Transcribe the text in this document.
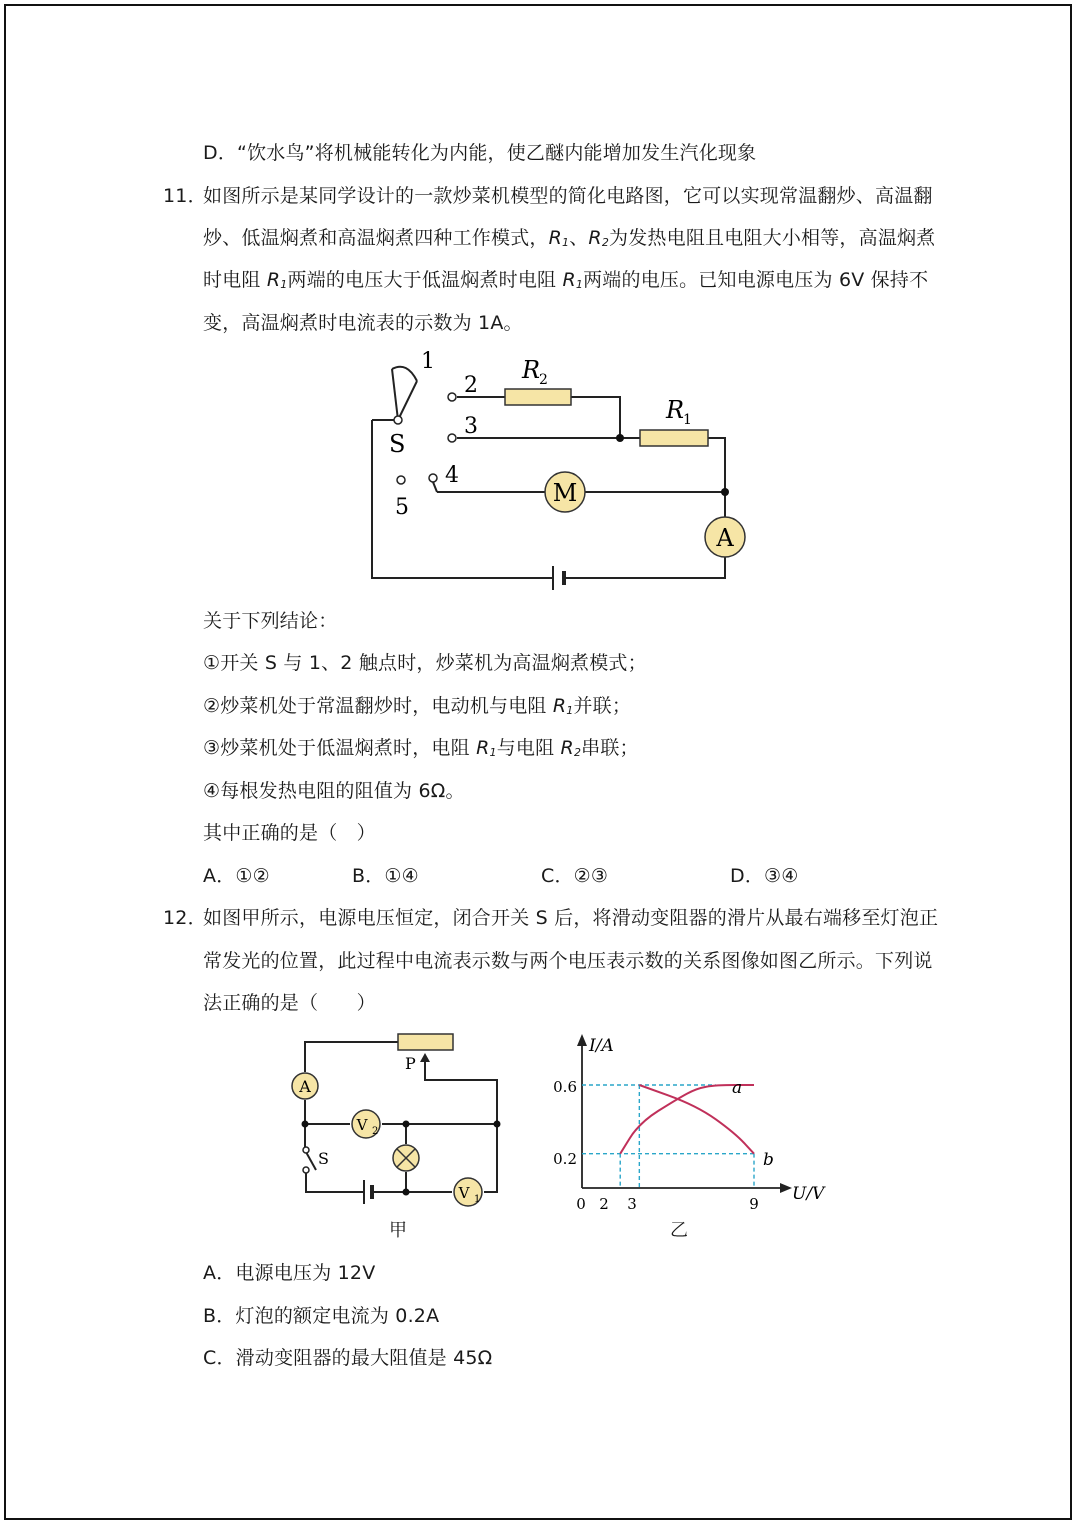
D．“饮水鸟”将机械能转化为内能，使乙醚内能增加发生汽化现象
11．
如图所示是某同学设计的一款炒菜机模型的简化电路图，它可以实现常温翻炒、高温翻
炒、低温焖煮和高温焖煮四种工作模式，R1、R2为发热电阻且电阻大小相等，高温焖煮
时电阻 R1两端的电压大于低温焖煮时电阻 R1两端的电压。已知电源电压为 6V 保持不
变，高温焖煮时电流表的示数为 1A。
M
A
S
1
2
3
4
5
R
2
R
1
关于下列结论：
①开关 S 与 1、2 触点时，炒菜机为高温焖煮模式；
②炒菜机处于常温翻炒时，电动机与电阻 R1并联；
③炒菜机处于低温焖煮时，电阻 R1与电阻 R2串联；
④每根发热电阻的阻值为 6Ω。
其中正确的是（　）
A．①②	B．①④	C．②③	D．③④
12．
如图甲所示，电源电压恒定，闭合开关 S 后，将滑动变阻器的滑片从最右端移至灯泡正
常发光的位置，此过程中电流表示数与两个电压表示数的关系图像如图乙所示。下列说
法正确的是（　　）
A
V 2
V 1
P
S
甲
I/A
U/V
0.6
0.2
0 2 3	9
a
b
乙
A．电源电压为 12V
B．灯泡的额定电流为 0.2A
C．滑动变阻器的最大阻值是 45Ω
